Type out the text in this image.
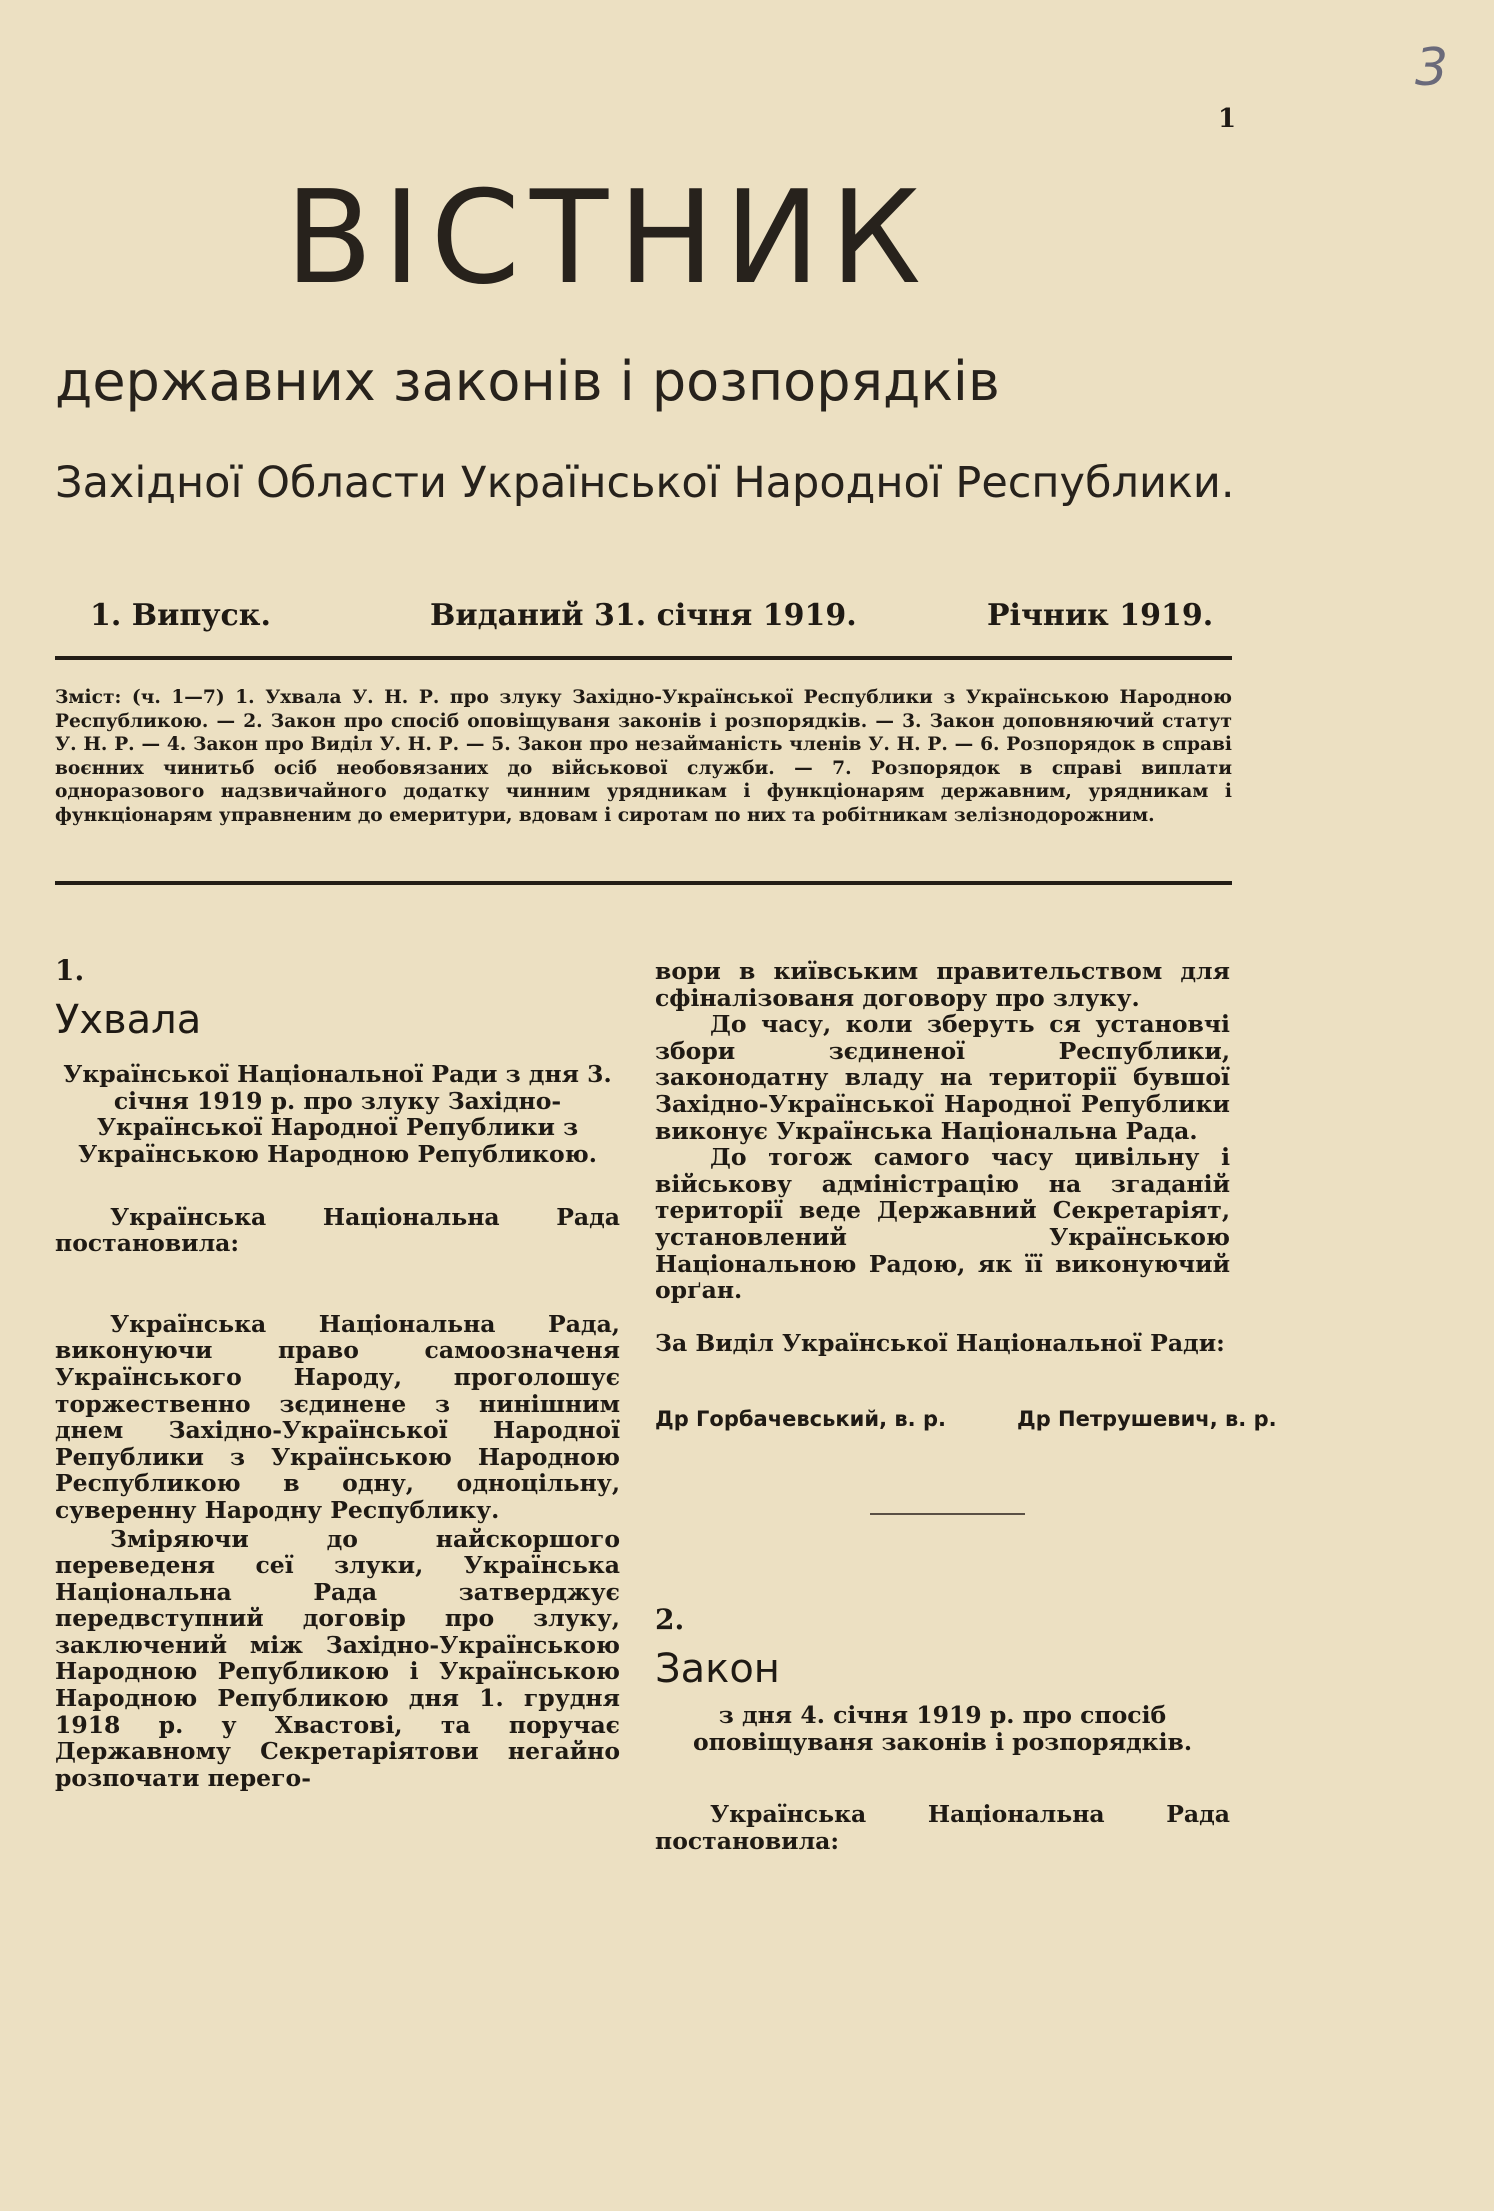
3
1
ВІСТНИК
державних законів і розпорядків
Західної Области Української Народної Республики.
1. Випуск.	Виданий 31. січня 1919.	Річник 1919.
Зміст: (ч. 1—7) 1. Ухвала У. Н. Р. про злуку Західно-Української Республики з Українською Народною Республикою. — 2. Закон про спосіб оповіщуваня законів і розпорядків. — 3. Закон доповняючий статут У. Н. Р. — 4. Закон про Виділ У. Н. Р. — 5. Закон про незайманість членів У. Н. Р. — 6. Розпорядок в справі воєнних чинитьб осіб необовязаних до військової служби. — 7. Розпорядок в справі виплати одноразового надзвичайного додатку чинним урядникам і функціонарям державним, урядникам і функціонарям управненим до емеритури, вдовам і сиротам по них та робітникам зелізнодорожним.

1.

Ухвала

Української Національної Ради з дня 3. січня 1919 р. про злуку Західно-Української Народної Републики з Українською Народною Републикою.

Українська Національна Рада постановила:

Українська Національна Рада, виконуючи право самоозначеня Українського Народу, проголошує торжественно зєдинене з нинішним днем Західно-Української Народної Републики з Українською Народною Республикою в одну, одноцільну, суверенну Народну Республику.

Зміряючи до найскоршого переведеня сеї злуки, Українська Національна Рада затверджує передвступний договір про злуку, заключений між Західно-Українською Народною Републикою і Українською Народною Републикою дня 1. грудня 1918 р. у Хвастові, та поручає Державному Секретаріятови негайно розпочати перего-

вори в київським правительством для сфіналізованя договору про злуку.

До часу, коли зберуть ся установчі збори зєдиненої Республики, законодатну владу на території бувшої Західно-Української Народної Републики виконує Українська Національна Рада.

До тогож самого часу цивільну і військову адміністрацію на згаданій території веде Державний Секретаріят, установлений Українською Національною Радою, як її виконуючий орґан.

За Виділ Української Національної Ради:

Др Горбачевський, в. р.	Др Петрушевич, в. р.

2.

Закон

з дня 4. січня 1919 р. про спосіб оповіщуваня законів і розпорядків.

Українська Національна Рада постановила:
